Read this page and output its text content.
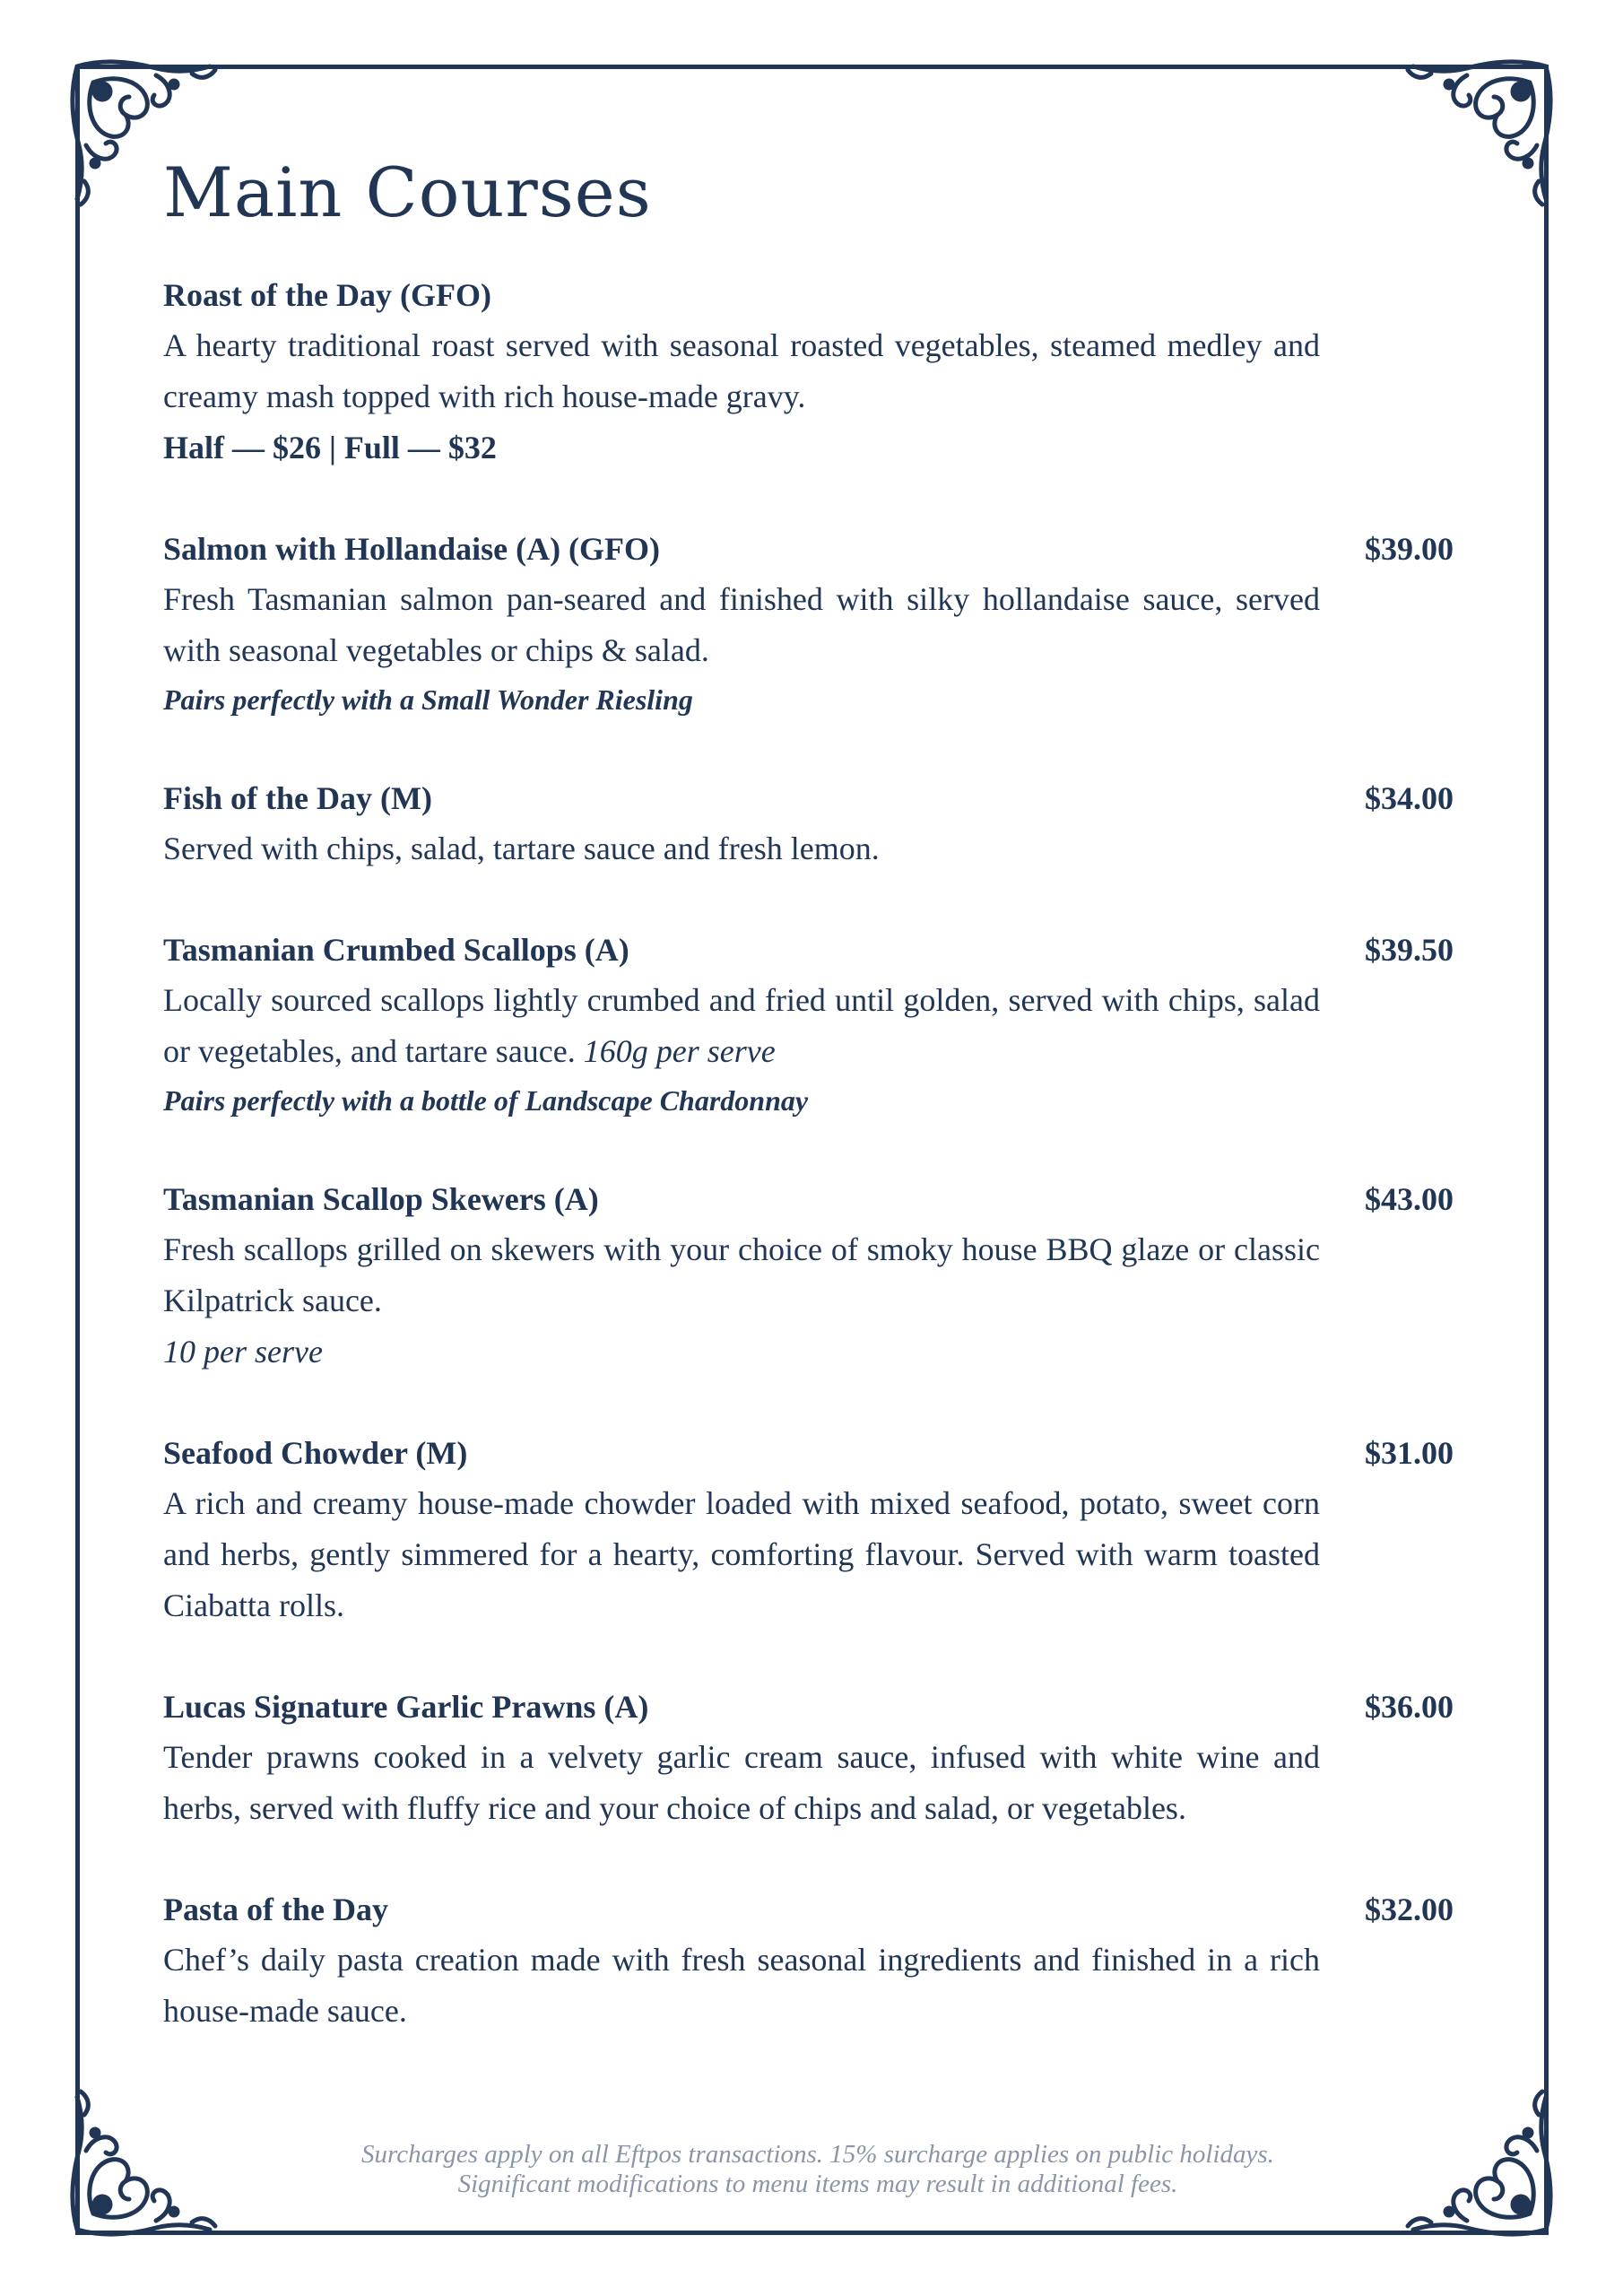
Main Courses
Roast of the Day (GFO)
A hearty traditional roast served with seasonal roasted vegetables, steamed medley and creamy mash topped with rich house-made gravy.
Half — $26 | Full — $32
Salmon with Hollandaise (A) (GFO)	$39.00
Fresh Tasmanian salmon pan-seared and finished with silky hollandaise sauce, served with seasonal vegetables or chips & salad.
Pairs perfectly with a Small Wonder Riesling
Fish of the Day (M)	$34.00
Served with chips, salad, tartare sauce and fresh lemon.
Tasmanian Crumbed Scallops (A)	$39.50
Locally sourced scallops lightly crumbed and fried until golden, served with chips, salad or vegetables, and tartare sauce. 160g per serve
Pairs perfectly with a bottle of Landscape Chardonnay
Tasmanian Scallop Skewers (A)	$43.00
Fresh scallops grilled on skewers with your choice of smoky house BBQ glaze or classic Kilpatrick sauce.
10 per serve
Seafood Chowder (M)	$31.00
A rich and creamy house-made chowder loaded with mixed seafood, potato, sweet corn and herbs, gently simmered for a hearty, comforting flavour. Served with warm toasted Ciabatta rolls.
Lucas Signature Garlic Prawns (A)	$36.00
Tender prawns cooked in a velvety garlic cream sauce, infused with white wine and herbs, served with fluffy rice and your choice of chips and salad, or vegetables.
Pasta of the Day	$32.00
Chef’s daily pasta creation made with fresh seasonal ingredients and finished in a rich house-made sauce.
Surcharges apply on all Eftpos transactions. 15% surcharge applies on public holidays.
Significant modifications to menu items may result in additional fees.
